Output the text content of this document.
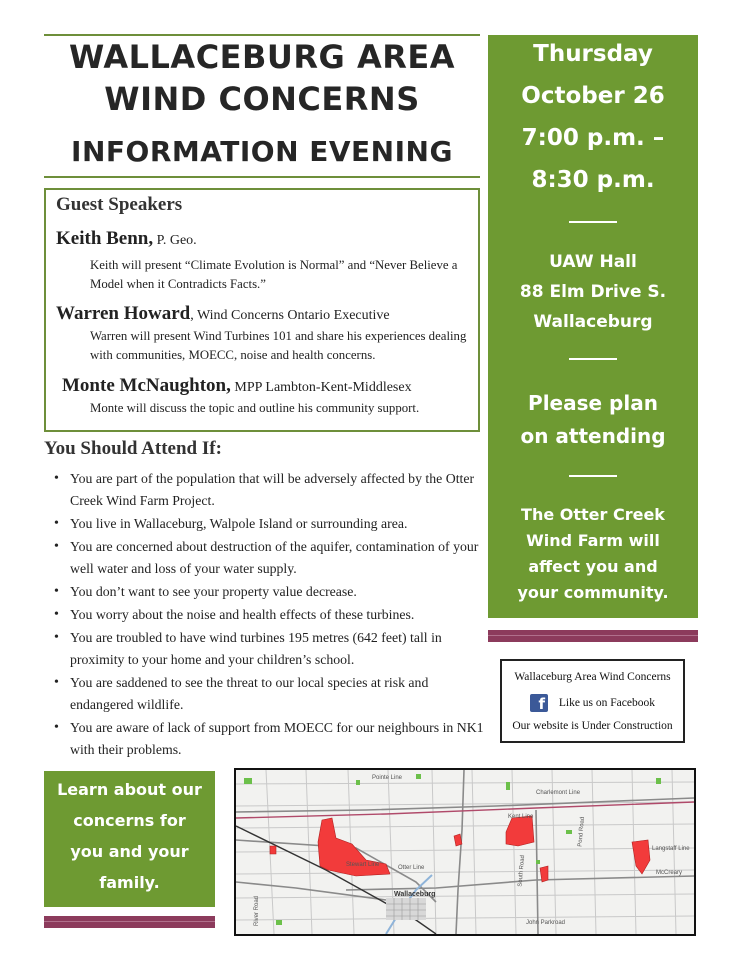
WALLACEBURG AREA
WIND CONCERNS
INFORMATION EVENING
Guest Speakers
Keith Benn, P. Geo.
Keith will present “Climate Evolution is Normal” and “Never Believe a Model when it Contradicts Facts.”
Warren Howard, Wind Concerns Ontario Executive
Warren will present Wind Turbines 101 and share his experiences dealing with communities, MOECC, noise and health concerns.
Monte McNaughton, MPP Lambton-Kent-Middlesex
Monte will discuss the topic and outline his community support.
You Should Attend If:
• You are part of the population that will be adversely affected by the Otter Creek Wind Farm Project.
• You live in Wallaceburg, Walpole Island or surrounding area.
• You are concerned about destruction of the aquifer, contamination of your well water and loss of your water supply.
• You don’t want to see your property value decrease.
• You worry about the noise and health effects of these turbines.
• You are troubled to have wind turbines 195 metres (642 feet) tall in proximity to your home and your children’s school.
• You are saddened to see the threat to our local species at risk and endangered wildlife.
• You are aware of lack of support from MOECC for our neighbours in NK1 with their problems.
Thursday
October 26
7:00 p.m. –
8:30 p.m.
UAW Hall
88 Elm Drive S.
Wallaceburg
Please plan
on attending
The Otter Creek
Wind Farm will
affect you and
your community.
Wallaceburg Area Wind Concerns
f Like us on Facebook
Our website is Under Construction
Learn about our
concerns for
you and your
family.
Pointe Line
Charlemont Line
Kent Line
Langstaff Line
Stewart Line	Otter Line
McCreary
Wallaceburg
John Parkroad
River Road
South Road
Pond Road
